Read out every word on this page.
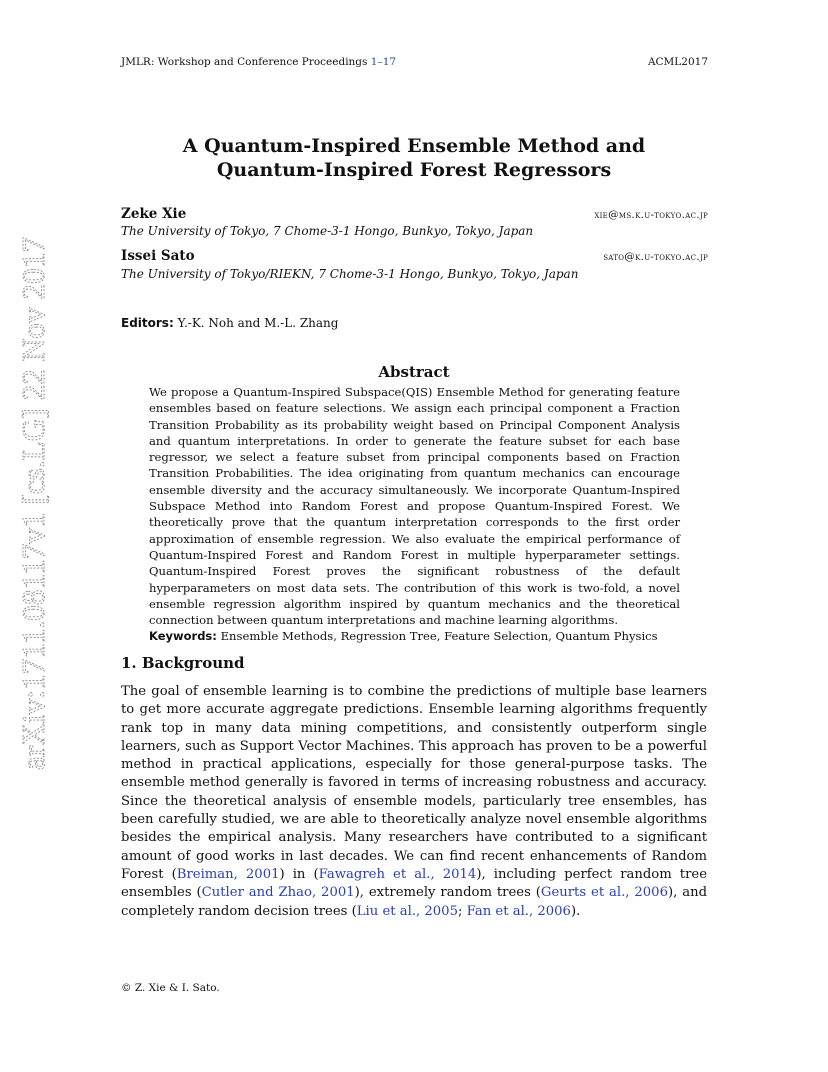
arXiv:1711.08117v1 [cs.LG] 22 Nov 2017
JMLR: Workshop and Conference Proceedings 1–17	ACML2017
A Quantum-Inspired Ensemble Method and
Quantum-Inspired Forest Regressors
Zeke Xie	xie@ms.k.u-tokyo.ac.jp
The University of Tokyo, 7 Chome-3-1 Hongo, Bunkyo, Tokyo, Japan
Issei Sato	sato@k.u-tokyo.ac.jp
The University of Tokyo/RIEKN, 7 Chome-3-1 Hongo, Bunkyo, Tokyo, Japan
Editors: Y.-K. Noh and M.-L. Zhang
Abstract
We propose a Quantum-Inspired Subspace(QIS) Ensemble Method for generating feature ensembles based on feature selections. We assign each principal component a Fraction Transition Probability as its probability weight based on Principal Component Analysis and quantum interpretations. In order to generate the feature subset for each base regressor, we select a feature subset from principal components based on Fraction Transition Probabilities. The idea originating from quantum mechanics can encourage ensemble diversity and the accuracy simultaneously. We incorporate Quantum-Inspired Subspace Method into Random Forest and propose Quantum-Inspired Forest. We theoretically prove that the quantum interpretation corresponds to the first order approximation of ensemble regression. We also evaluate the empirical performance of Quantum-Inspired Forest and Random Forest in multiple hyperparameter settings. Quantum-Inspired Forest proves the significant robustness of the default hyperparameters on most data sets. The contribution of this work is two-fold, a novel ensemble regression algorithm inspired by quantum mechanics and the theoretical connection between quantum interpretations and machine learning algorithms.
Keywords: Ensemble Methods, Regression Tree, Feature Selection, Quantum Physics
1. Background
The goal of ensemble learning is to combine the predictions of multiple base learners to get more accurate aggregate predictions. Ensemble learning algorithms frequently rank top in many data mining competitions, and consistently outperform single learners, such as Support Vector Machines. This approach has proven to be a powerful method in practical applications, especially for those general-purpose tasks. The ensemble method generally is favored in terms of increasing robustness and accuracy. Since the theoretical analysis of ensemble models, particularly tree ensembles, has been carefully studied, we are able to theoretically analyze novel ensemble algorithms besides the empirical analysis. Many researchers have contributed to a significant amount of good works in last decades. We can find recent enhancements of Random Forest (Breiman, 2001) in (Fawagreh et al., 2014), including perfect random tree ensembles (Cutler and Zhao, 2001), extremely random trees (Geurts et al., 2006), and completely random decision trees (Liu et al., 2005; Fan et al., 2006).
© Z. Xie & I. Sato.
